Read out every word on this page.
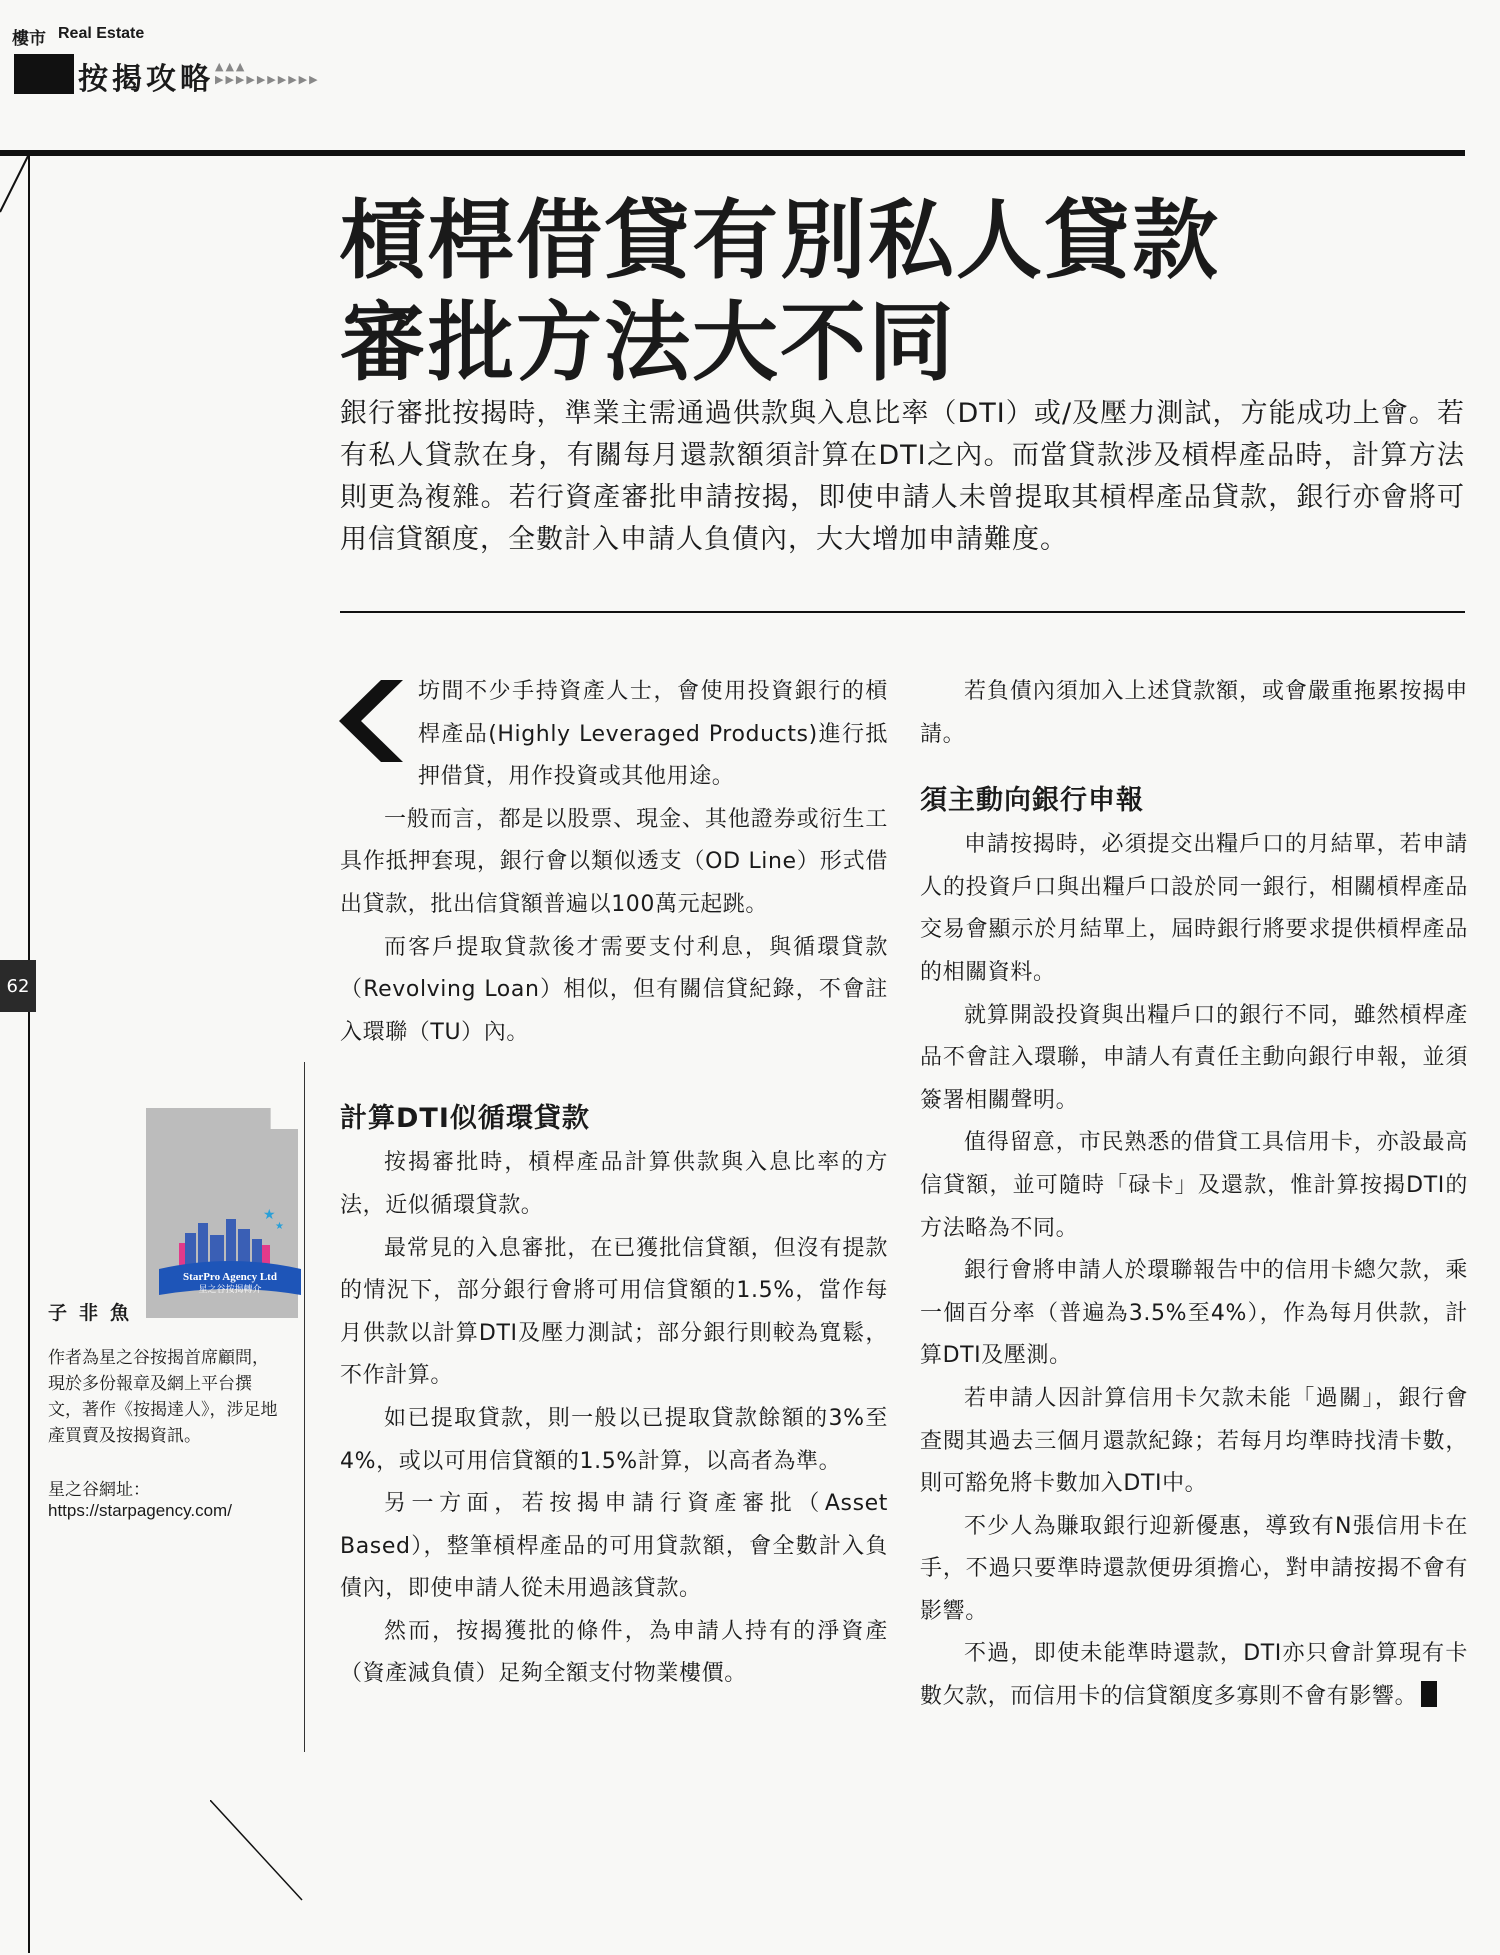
樓市 Real Estate
按揭攻略 ▲▲▲
▶▶▶▶▶▶▶▶▶▶
62
槓桿借貸有別私人貸款
審批方法大不同
銀行審批按揭時，準業主需通過供款與入息比率（DTI）或/及壓力測試，方能成功上會。若有私人貸款在身，有關每月還款額須計算在DTI之內。而當貸款涉及槓桿產品時，計算方法則更為複雜。若行資產審批申請按揭，即使申請人未曾提取其槓桿產品貸款，銀行亦會將可用信貸額度，全數計入申請人負債內，大大增加申請難度。
★
★
StarPro Agency Ltd
星之谷按揭轉介
子非魚
作者為星之谷按揭首席顧問，現於多份報章及網上平台撰文，著作《按揭達人》，涉足地產買賣及按揭資訊。
星之谷網址：
https://starpagency.com/

坊間不少手持資產人士，會使用投資銀行的槓桿產品(Highly Leveraged Products)進行抵押借貸，用作投資或其他用途。

一般而言，都是以股票、現金、其他證券或衍生工具作抵押套現，銀行會以類似透支（OD Line）形式借出貸款，批出信貸額普遍以100萬元起跳。

而客戶提取貸款後才需要支付利息，與循環貸款（Revolving Loan）相似，但有關信貸紀錄，不會註入環聯（TU）內。

計算DTI似循環貸款

按揭審批時，槓桿產品計算供款與入息比率的方法，近似循環貸款。

最常見的入息審批，在已獲批信貸額，但沒有提款的情況下，部分銀行會將可用信貸額的1.5%，當作每月供款以計算DTI及壓力測試；部分銀行則較為寬鬆，不作計算。

如已提取貸款，則一般以已提取貸款餘額的3%至4%，或以可用信貸額的1.5%計算，以高者為準。

另一方面，若按揭申請行資產審批（Asset Based），整筆槓桿產品的可用貸款額，會全數計入負債內，即使申請人從未用過該貸款。

然而，按揭獲批的條件，為申請人持有的淨資產（資產減負債）足夠全額支付物業樓價。

若負債內須加入上述貸款額，或會嚴重拖累按揭申請。

須主動向銀行申報

申請按揭時，必須提交出糧戶口的月結單，若申請人的投資戶口與出糧戶口設於同一銀行，相關槓桿產品交易會顯示於月結單上，屆時銀行將要求提供槓桿產品的相關資料。

就算開設投資與出糧戶口的銀行不同，雖然槓桿產品不會註入環聯，申請人有責任主動向銀行申報，並須簽署相關聲明。

值得留意，市民熟悉的借貸工具信用卡，亦設最高信貸額，並可隨時「碌卡」及還款，惟計算按揭DTI的方法略為不同。

銀行會將申請人於環聯報告中的信用卡總欠款，乘一個百分率（普遍為3.5%至4%），作為每月供款，計算DTI及壓測。

若申請人因計算信用卡欠款未能「過關」，銀行會查閱其過去三個月還款紀錄；若每月均準時找清卡數，則可豁免將卡數加入DTI中。

不少人為賺取銀行迎新優惠，導致有N張信用卡在手，不過只要準時還款便毋須擔心，對申請按揭不會有影響。

不過，即使未能準時還款，DTI亦只會計算現有卡數欠款，而信用卡的信貸額度多寡則不會有影響。
